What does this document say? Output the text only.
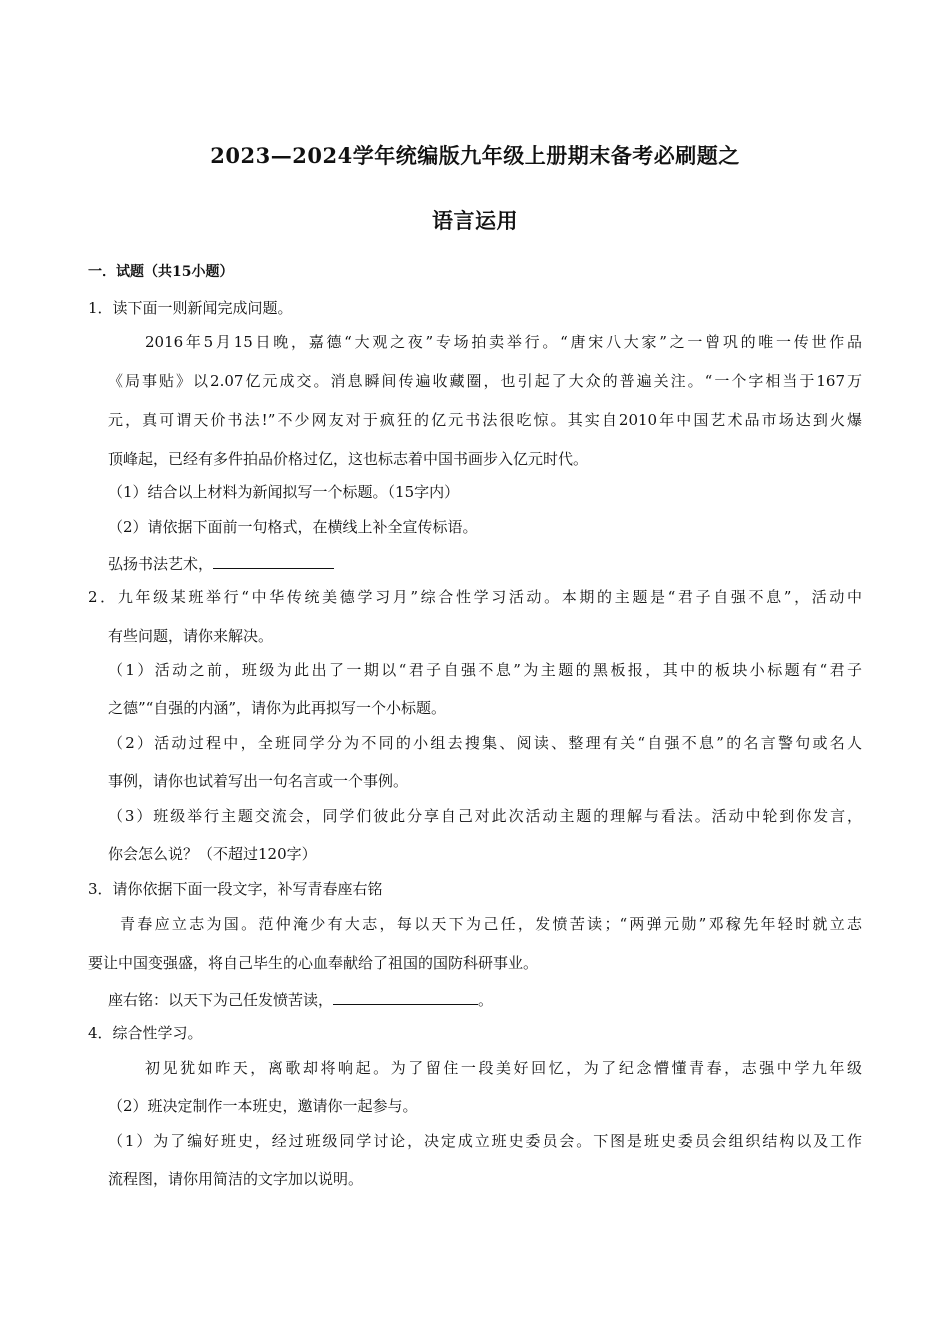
2023—2024学年统编版九年级上册期末备考必刷题之
语言运用
一．试题（共15小题）
1．读下面一则新闻完成问题。
2016年5月15日晚，嘉德“大观之夜”专场拍卖举行。“唐宋八大家”之一曾巩的唯一传世作品
《局事贴》以2.07亿元成交。消息瞬间传遍收藏圈，也引起了大众的普遍关注。“一个字相当于167万
元，真可谓天价书法!”不少网友对于疯狂的亿元书法很吃惊。其实自2010年中国艺术品市场达到火爆
顶峰起，已经有多件拍品价格过亿，这也标志着中国书画步入亿元时代。
（1）结合以上材料为新闻拟写一个标题。（15字内）
（2）请依据下面前一句格式，在横线上补全宣传标语。
弘扬书法艺术，
2．九年级某班举行“中华传统美德学习月”综合性学习活动。本期的主题是“君子自强不息”，活动中
有些问题，请你来解决。
（1）活动之前，班级为此出了一期以“君子自强不息”为主题的黑板报，其中的板块小标题有“君子
之德”“自强的内涵”，请你为此再拟写一个小标题。
（2）活动过程中，全班同学分为不同的小组去搜集、阅读、整理有关“自强不息”的名言警句或名人
事例，请你也试着写出一句名言或一个事例。
（3）班级举行主题交流会，同学们彼此分享自己对此次活动主题的理解与看法。活动中轮到你发言，
你会怎么说？（不超过120字）
3．请你依据下面一段文字，补写青春座右铭
青春应立志为国。范仲淹少有大志，每以天下为己任，发愤苦读；“两弹元勋”邓稼先年轻时就立志
要让中国变强盛，将自己毕生的心血奉献给了祖国的国防科研事业。
座右铭：以天下为己任发愤苦读，	。
4．综合性学习。
初见犹如昨天，离歌却将响起。为了留住一段美好回忆，为了纪念懵懂青春，志强中学九年级
（2）班决定制作一本班史，邀请你一起参与。
（1）为了编好班史，经过班级同学讨论，决定成立班史委员会。下图是班史委员会组织结构以及工作
流程图，请你用简洁的文字加以说明。
